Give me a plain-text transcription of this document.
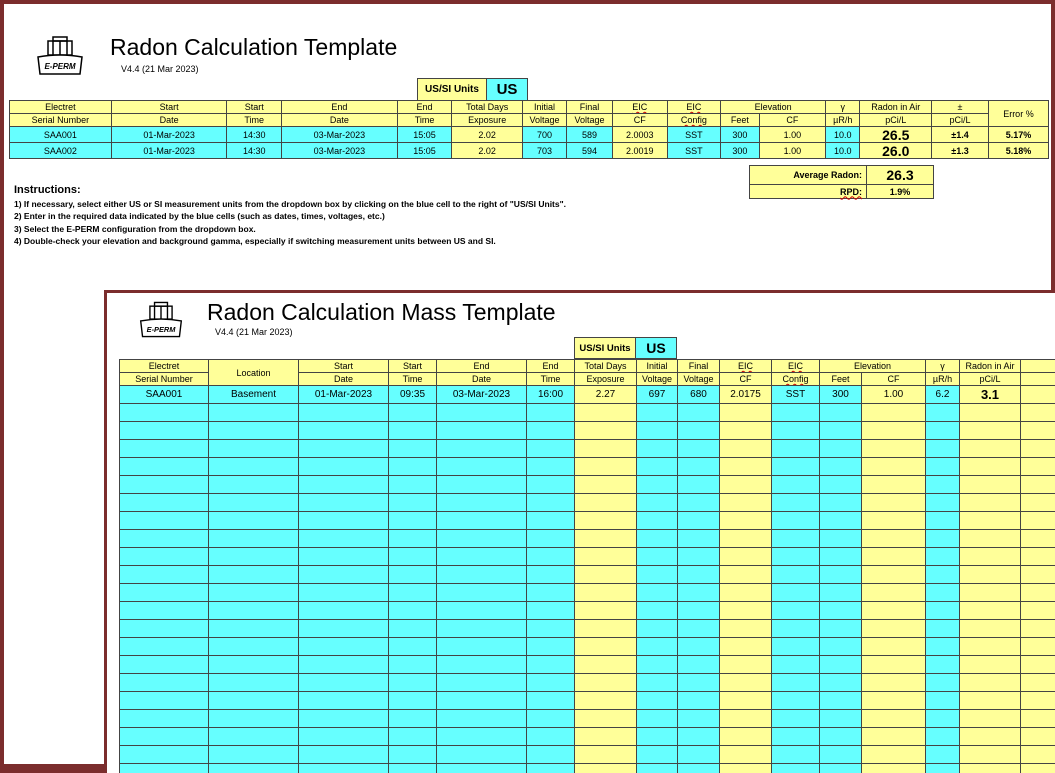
E-PERM
Radon Calculation Template
V4.4 (21 Mar 2023)
US/SI Units	US
Electret	Start	Start	End	End	Total Days	Initial	Final	EIC	EIC	Elevation		γ	Radon in Air	±	Error %
Serial Number	Date	Time	Date	Time	Exposure	Voltage	Voltage	CF	Config	Feet	CF	µR/h	pCi/L	pCi/L	
SAA001	01-Mar-2023	14:30	03-Mar-2023	15:05	2.02	700	589	2.0003	SST	300	1.00	10.0	26.5	±1.4	5.17%
SAA002	01-Mar-2023	14:30	03-Mar-2023	15:05	2.02	703	594	2.0019	SST	300	1.00	10.0	26.0	±1.3	5.18%
Average Radon:	26.3
RPD:	1.9%
Instructions:
1) If necessary, select either US or SI measurement units from the dropdown box by clicking on the blue cell to the right of "US/SI Units".
2) Enter in the required data indicated by the blue cells (such as dates, times, voltages, etc.)
3) Select the E-PERM configuration from the dropdown box.
4) Double-check your elevation and background gamma, especially if switching measurement units between US and SI.
E-PERM
Radon Calculation Mass Template
V4.4 (21 Mar 2023)
US/SI Units	US
Electret	Location	Start	Start	End	End	Total Days	Initial	Final	EIC	EIC	Elevation		γ	Radon in Air	
Serial Number		Date	Time	Date	Time	Exposure	Voltage	Voltage	CF	Config	Feet	CF	µR/h	pCi/L	
SAA001	Basement	01-Mar-2023	09:35	03-Mar-2023	16:00	2.27	697	680	2.0175	SST	300	1.00	6.2	3.1	
